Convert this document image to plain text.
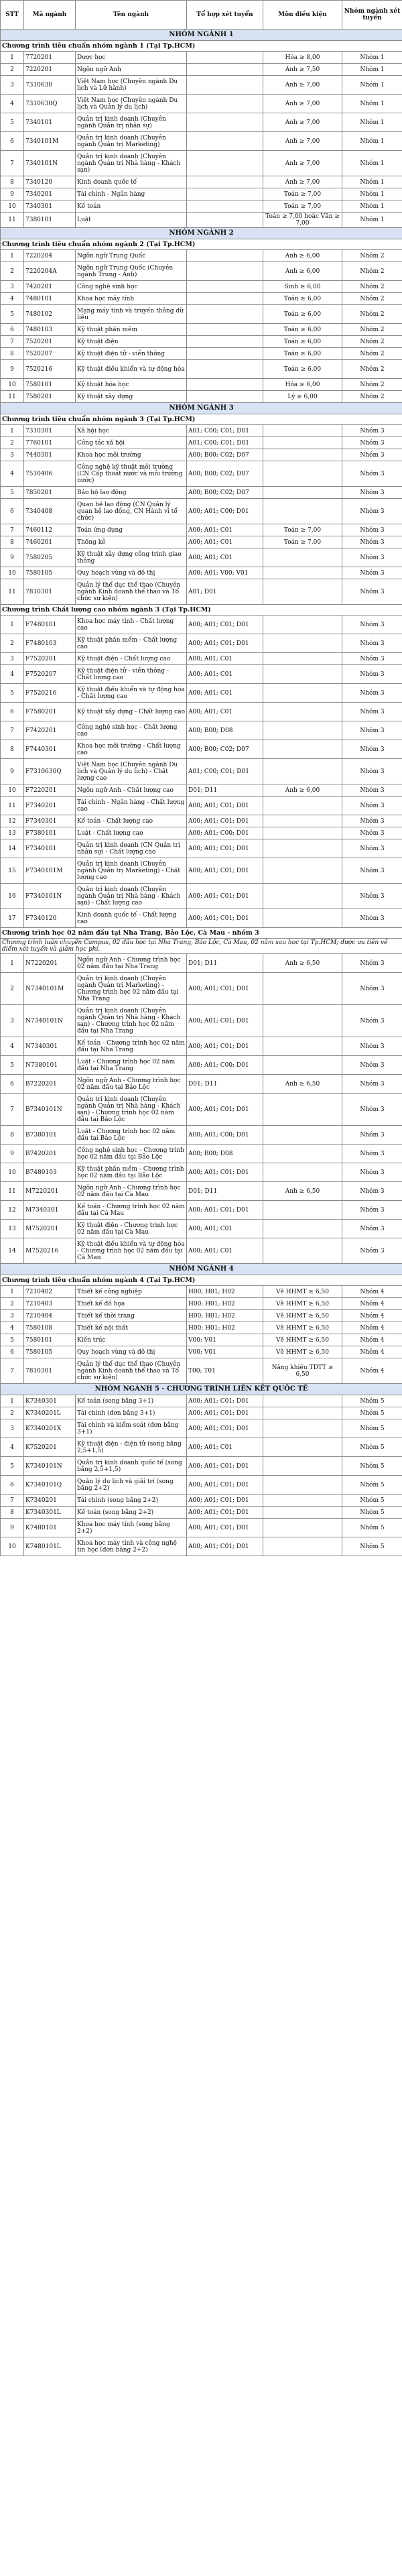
STT	Mã ngành	Tên ngành	Tổ hợp xét tuyển	Môn điều kiện	Nhóm ngành xét tuyển
NHÓM NGÀNH 1					
Chương trình tiêu chuẩn nhóm ngành 1 (Tại Tp.HCM)					
1	7720201	Dược học		Hóa ≥ 8,00	Nhóm 1
2	7220201	Ngôn ngữ Anh		Anh ≥ 7,50	Nhóm 1
3	7310630	Việt Nam học (Chuyên ngành Du lịch và Lữ hành)		Anh ≥ 7,00	Nhóm 1
4	7310630Q	Việt Nam học (Chuyên ngành Du lịch và Quản lý du lịch)		Anh ≥ 7,00	Nhóm 1
5	7340101	Quản trị kinh doanh (Chuyên ngành Quản trị nhân sự)		Anh ≥ 7,00	Nhóm 1
6	7340101M	Quản trị kinh doanh (Chuyên ngành Quản trị Marketing)		Anh ≥ 7,00	Nhóm 1
7	7340101N	Quản trị kinh doanh (Chuyên ngành Quản trị Nhà hàng - Khách sạn)		Anh ≥ 7,00	Nhóm 1
8	7340120	Kinh doanh quốc tế		Anh ≥ 7,00	Nhóm 1
9	7340201	Tài chính - Ngân hàng		Toán ≥ 7,00	Nhóm 1
10	7340301	Kế toán		Toán ≥ 7,00	Nhóm 1
11	7380101	Luật		Toán ≥ 7,00 hoặc Văn ≥ 7,00	Nhóm 1
NHÓM NGÀNH 2					
Chương trình tiêu chuẩn nhóm ngành 2 (Tại Tp.HCM)					
1	7220204	Ngôn ngữ Trung Quốc		Anh ≥ 6,00	Nhóm 2
2	7220204A	Ngôn ngữ Trung Quốc (Chuyên ngành Trung - Anh)		Anh ≥ 6,00	Nhóm 2
3	7420201	Công nghệ sinh học		Sinh ≥ 6,00	Nhóm 2
4	7480101	Khoa học máy tính		Toán ≥ 6,00	Nhóm 2
5	7480102	Mạng máy tính và truyền thông dữ liệu		Toán ≥ 6,00	Nhóm 2
6	7480103	Kỹ thuật phần mềm		Toán ≥ 6,00	Nhóm 2
7	7520201	Kỹ thuật điện		Toán ≥ 6,00	Nhóm 2
8	7520207	Kỹ thuật điện tử - viễn thông		Toán ≥ 6,00	Nhóm 2
9	7520216	Kỹ thuật điều khiển và tự động hóa		Toán ≥ 6,00	Nhóm 2
10	7580101	Kỹ thuật hóa học		Hóa ≥ 6,00	Nhóm 2
11	7580201	Kỹ thuật xây dựng		Lý ≥ 6,00	Nhóm 2
NHÓM NGÀNH 3					
Chương trình tiêu chuẩn nhóm ngành 3 (Tại Tp.HCM)					
1	7310301	Xã hội học	A01; C00; C01; D01		Nhóm 3
2	7760101	Công tác xã hội	A01; C00; C01; D01		Nhóm 3
3	7440301	Khoa học môi trường	A00; B00; C02; D07		Nhóm 3
4	7510406	Công nghệ kỹ thuật môi trường (CN Cấp thoát nước và môi trường nước)	A00; B00; C02; D07		Nhóm 3
5	7850201	Bảo hộ lao động	A00; B00; C02; D07		Nhóm 3
6	7340408	Quan hệ lao động (CN Quản lý quan hệ lao động, CN Hành vi tổ chức)	A00; A01; C00; D01		Nhóm 3
7	7460112	Toán ứng dụng	A00; A01; C01	Toán ≥ 7,00	Nhóm 3
8	7460201	Thống kê	A00; A01; C01	Toán ≥ 7,00	Nhóm 3
9	7580205	Kỹ thuật xây dựng công trình giao thông	A00; A01; C01		Nhóm 3
10	7580105	Quy hoạch vùng và đô thị	A00; A01; V00; V01		Nhóm 3
11	7810301	Quản lý thể dục thể thao (Chuyên ngành Kinh doanh thể thao và Tổ chức sự kiện)	A01; D01		Nhóm 3
Chương trình Chất lượng cao nhóm ngành 3 (Tại Tp.HCM)					
1	F7480101	Khoa học máy tính - Chất lượng cao	A00; A01; C01; D01		Nhóm 3
2	F7480103	Kỹ thuật phần mềm - Chất lượng cao	A00; A01; C01; D01		Nhóm 3
3	F7520201	Kỹ thuật điện - Chất lượng cao	A00; A01; C01		Nhóm 3
4	F7520207	Kỹ thuật điện tử - viễn thông - Chất lượng cao	A00; A01; C01		Nhóm 3
5	F7520216	Kỹ thuật điều khiển và tự động hóa - Chất lượng cao	A00; A01; C01		Nhóm 3
6	F7580201	Kỹ thuật xây dựng - Chất lượng cao	A00; A01; C01		Nhóm 3
7	F7420201	Công nghệ sinh học - Chất lượng cao	A00; B00; D08		Nhóm 3
8	F7440301	Khoa học môi trường - Chất lượng cao	A00; B00; C02; D07		Nhóm 3
9	F7310630Q	Việt Nam học (Chuyên ngành Du lịch và Quản lý du lịch) - Chất lượng cao	A01; C00; C01; D01		Nhóm 3
10	F7220201	Ngôn ngữ Anh - Chất lượng cao	D01; D11	Anh ≥ 6,00	Nhóm 3
11	F7340201	Tài chính - Ngân hàng - Chất lượng cao	A00; A01; C01; D01		Nhóm 3
12	F7340301	Kế toán - Chất lượng cao	A00; A01; C01; D01		Nhóm 3
13	F7380101	Luật - Chất lượng cao	A00; A01; C00; D01		Nhóm 3
14	F7340101	Quản trị kinh doanh (CN Quản trị nhân sự) - Chất lượng cao	A00; A01; C01; D01		Nhóm 3
15	F7340101M	Quản trị kinh doanh (Chuyên ngành Quản trị Marketing) - Chất lượng cao	A00; A01; C01; D01		Nhóm 3
16	F7340101N	Quản trị kinh doanh (Chuyên ngành Quản trị Nhà hàng - Khách sạn) - Chất lượng cao	A00; A01; C01; D01		Nhóm 3
17	F7340120	Kinh doanh quốc tế - Chất lượng cao	A00; A01; C01; D01		Nhóm 3
Chương trình học 02 năm đầu tại Nha Trang, Bảo Lộc, Cà Mau - nhóm 3					
Chương trình luân chuyển Campus, 02 đầu học tại Nha Trang, Bảo Lộc, Cà Mau, 02 năm sau học tại Tp.HCM; được ưu tiên về điểm xét tuyển và giảm học phí.					
1	N7220201	Ngôn ngữ Anh - Chương trình học 02 năm đầu tại Nha Trang	D01; D11	Anh ≥ 6,50	Nhóm 3
2	N7340101M	Quản trị kinh doanh (Chuyên ngành Quản trị Marketing) - Chương trình học 02 năm đầu tại Nha Trang	A00; A01; C01; D01		Nhóm 3
3	N7340101N	Quản trị kinh doanh (Chuyên ngành Quản trị Nhà hàng - Khách sạn) - Chương trình học 02 năm đầu tại Nha Trang	A00; A01; C01; D01		Nhóm 3
4	N7340301	Kế toán - Chương trình học 02 năm đầu tại Nha Trang	A00; A01; C01; D01		Nhóm 3
5	N7380101	Luật - Chương trình học 02 năm đầu tại Nha Trang	A00; A01; C00; D01		Nhóm 3
6	B7220201	Ngôn ngữ Anh - Chương trình học 02 năm đầu tại Bảo Lộc	D01; D11	Anh ≥ 6,50	Nhóm 3
7	B7340101N	Quản trị kinh doanh (Chuyên ngành Quản trị Nhà hàng - Khách sạn) - Chương trình học 02 năm đầu tại Bảo Lộc	A00; A01; C01; D01		Nhóm 3
8	B7380101	Luật - Chương trình học 02 năm đầu tại Bảo Lộc	A00; A01; C00; D01		Nhóm 3
9	B7420201	Công nghệ sinh học - Chương trình học 02 năm đầu tại Bảo Lộc	A00; B00; D08		Nhóm 3
10	B7480103	Kỹ thuật phần mềm - Chương trình học 02 năm đầu tại Bảo Lộc	A00; A01; C01; D01		Nhóm 3
11	M7220201	Ngôn ngữ Anh - Chương trình học 02 năm đầu tại Cà Mau	D01; D11	Anh ≥ 6,50	Nhóm 3
12	M7340301	Kế toán - Chương trình học 02 năm đầu tại Cà Mau	A00; A01; C01; D01		Nhóm 3
13	M7520201	Kỹ thuật điện - Chương trình học 02 năm đầu tại Cà Mau	A00; A01; C01		Nhóm 3
14	M7520216	Kỹ thuật điều khiển và tự động hóa - Chương trình học 02 năm đầu tại Cà Mau	A00; A01; C01		Nhóm 3
NHÓM NGÀNH 4					
Chương trình tiêu chuẩn nhóm ngành 4 (Tại Tp.HCM)					
1	7210402	Thiết kế công nghiệp	H00; H01; H02	Vẽ HHMT ≥ 6,50	Nhóm 4
2	7210403	Thiết kế đồ họa	H00; H01; H02	Vẽ HHMT ≥ 6,50	Nhóm 4
3	7210404	Thiết kế thời trang	H00; H01; H02	Vẽ HHMT ≥ 6,50	Nhóm 4
4	7580108	Thiết kế nội thất	H00; H01; H02	Vẽ HHMT ≥ 6,50	Nhóm 4
5	7580101	Kiến trúc	V00; V01	Vẽ HHMT ≥ 6,50	Nhóm 4
6	7580105	Quy hoạch vùng và đô thị	V00; V01	Vẽ HHMT ≥ 6,50	Nhóm 4
7	7810301	Quản lý thể dục thể thao (Chuyên ngành Kinh doanh thể thao và Tổ chức sự kiện)	T00; T01	Năng khiếu TDTT ≥ 6,50	Nhóm 4
NHÓM NGÀNH 5 - CHƯƠNG TRÌNH LIÊN KẾT QUỐC TẾ					
1	K7340301	Kế toán (song bằng 3+1)	A00; A01; C01; D01		Nhóm 5
2	K7340201L	Tài chính (đơn bằng 3+1)	A00; A01; C01; D01		Nhóm 5
3	K7340201X	Tài chính và kiểm soát (đơn bằng 3+1)	A00; A01; C01; D01		Nhóm 5
4	K7520201	Kỹ thuật điện - điện tử (song bằng 2,5+1,5)	A00; A01; C01		Nhóm 5
5	K7340101N	Quản trị kinh doanh quốc tế (song bằng 2,5+1,5)	A00; A01; C01; D01		Nhóm 5
6	K7340101Q	Quản lý du lịch và giải trí (song bằng 2+2)	A00; A01; C01; D01		Nhóm 5
7	K7340201	Tài chính (song bằng 2+2)	A00; A01; C01; D01		Nhóm 5
8	K7340301L	Kế toán (song bằng 2+2)	A00; A01; C01; D01		Nhóm 5
9	K7480101	Khoa học máy tính (song bằng 2+2)	A00; A01; C01; D01		Nhóm 5
10	K7480101L	Khoa học máy tính và công nghệ tin học (đơn bằng 2+2)	A00; A01; C01; D01		Nhóm 5
